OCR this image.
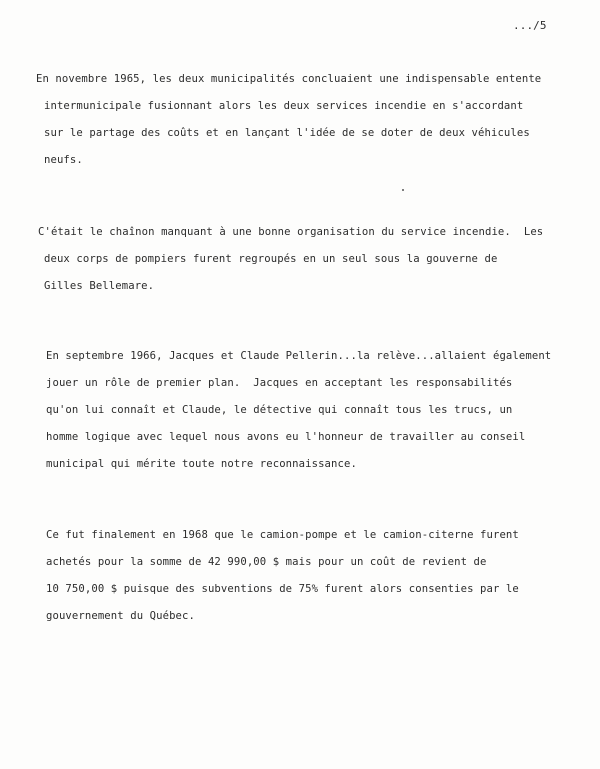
.../5
En novembre 1965, les deux municipalités concluaient une indispensable entente
intermunicipale fusionnant alors les deux services incendie en s'accordant
sur le partage des coûts et en lançant l'idée de se doter de deux véhicules
neufs.
C'était le chaînon manquant à une bonne organisation du service incendie.  Les
deux corps de pompiers furent regroupés en un seul sous la gouverne de
Gilles Bellemare.
En septembre 1966, Jacques et Claude Pellerin...la relève...allaient également
jouer un rôle de premier plan.  Jacques en acceptant les responsabilités
qu'on lui connaît et Claude, le détective qui connaît tous les trucs, un
homme logique avec lequel nous avons eu l'honneur de travailler au conseil
municipal qui mérite toute notre reconnaissance.
Ce fut finalement en 1968 que le camion-pompe et le camion-citerne furent
achetés pour la somme de 42 990,00 $ mais pour un coût de revient de
10 750,00 $ puisque des subventions de 75% furent alors consenties par le
gouvernement du Québec.
